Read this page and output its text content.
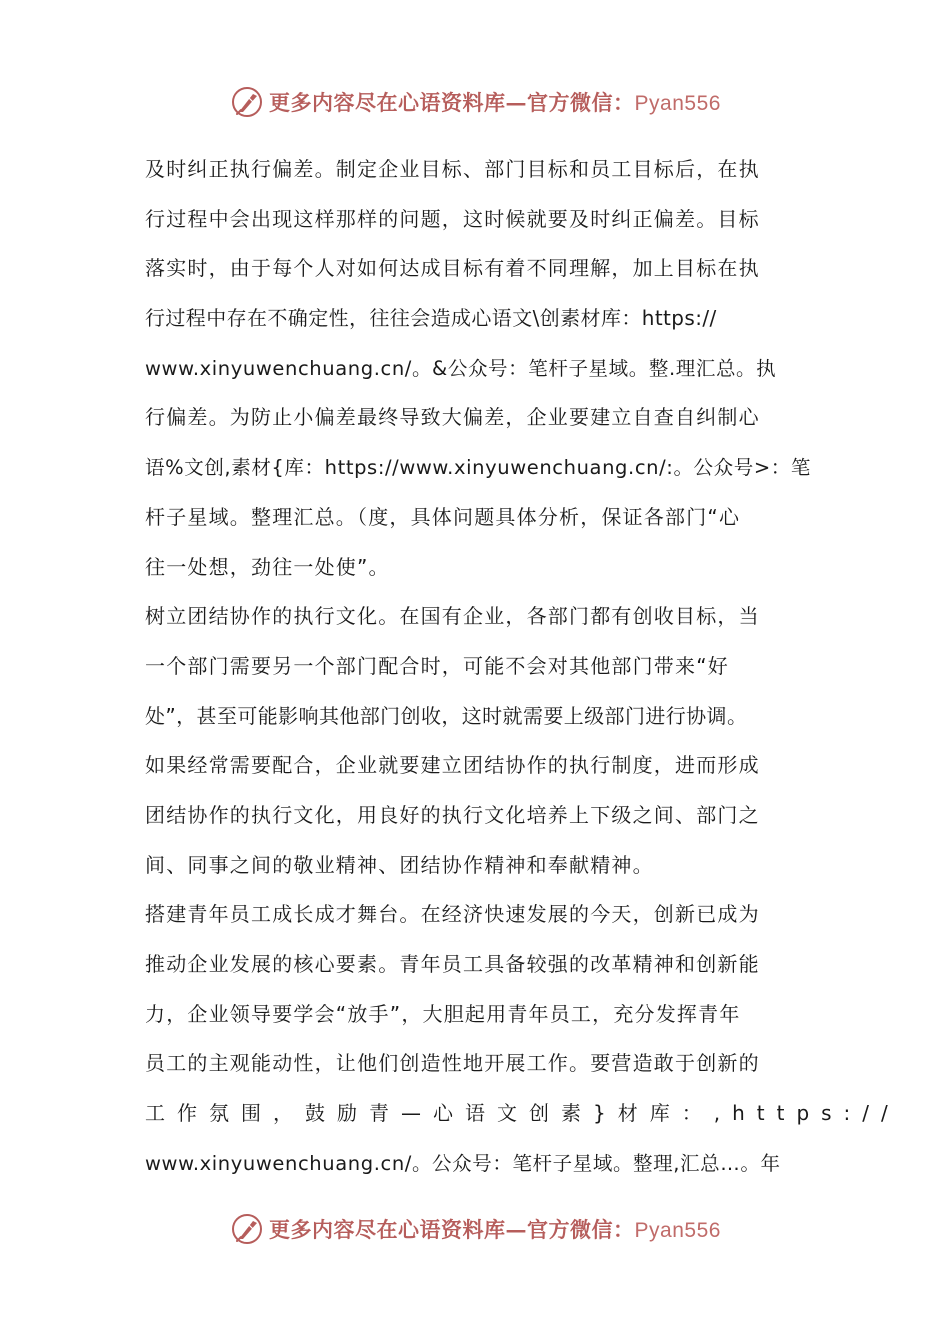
更多内容尽在心语资料库—官方微信：Pyan556
及时纠正执行偏差。制定企业目标、部门目标和员工目标后，在执
行过程中会出现这样那样的问题，这时候就要及时纠正偏差。目标
落实时，由于每个人对如何达成目标有着不同理解，加上目标在执
行过程中存在不确定性，往往会造成心语文\创素材库：https://
www.xinyuwenchuang.cn/。&公众号：笔杆子星域。整.理汇总。执
行偏差。为防止小偏差最终导致大偏差，企业要建立自查自纠制心
语%文创,素材{库：https://www.xinyuwenchuang.cn/:。公众号>：笔
杆子星域。整理汇总。（度，具体问题具体分析，保证各部门“心
往一处想，劲往一处使”。
树立团结协作的执行文化。在国有企业，各部门都有创收目标，当
一个部门需要另一个部门配合时，可能不会对其他部门带来“好
处”，甚至可能影响其他部门创收，这时就需要上级部门进行协调。
如果经常需要配合，企业就要建立团结协作的执行制度，进而形成
团结协作的执行文化，用良好的执行文化培养上下级之间、部门之
间、同事之间的敬业精神、团结协作精神和奉献精神。
搭建青年员工成长成才舞台。在经济快速发展的今天，创新已成为
推动企业发展的核心要素。青年员工具备较强的改革精神和创新能
力，企业领导要学会“放手”，大胆起用青年员工，充分发挥青年
员工的主观能动性，让他们创造性地开展工作。要营造敢于创新的
工作氛围，鼓励青—心语文创素}材库：,https://
www.xinyuwenchuang.cn/。公众号：笔杆子星域。整理,汇总…。年
更多内容尽在心语资料库—官方微信：Pyan556
